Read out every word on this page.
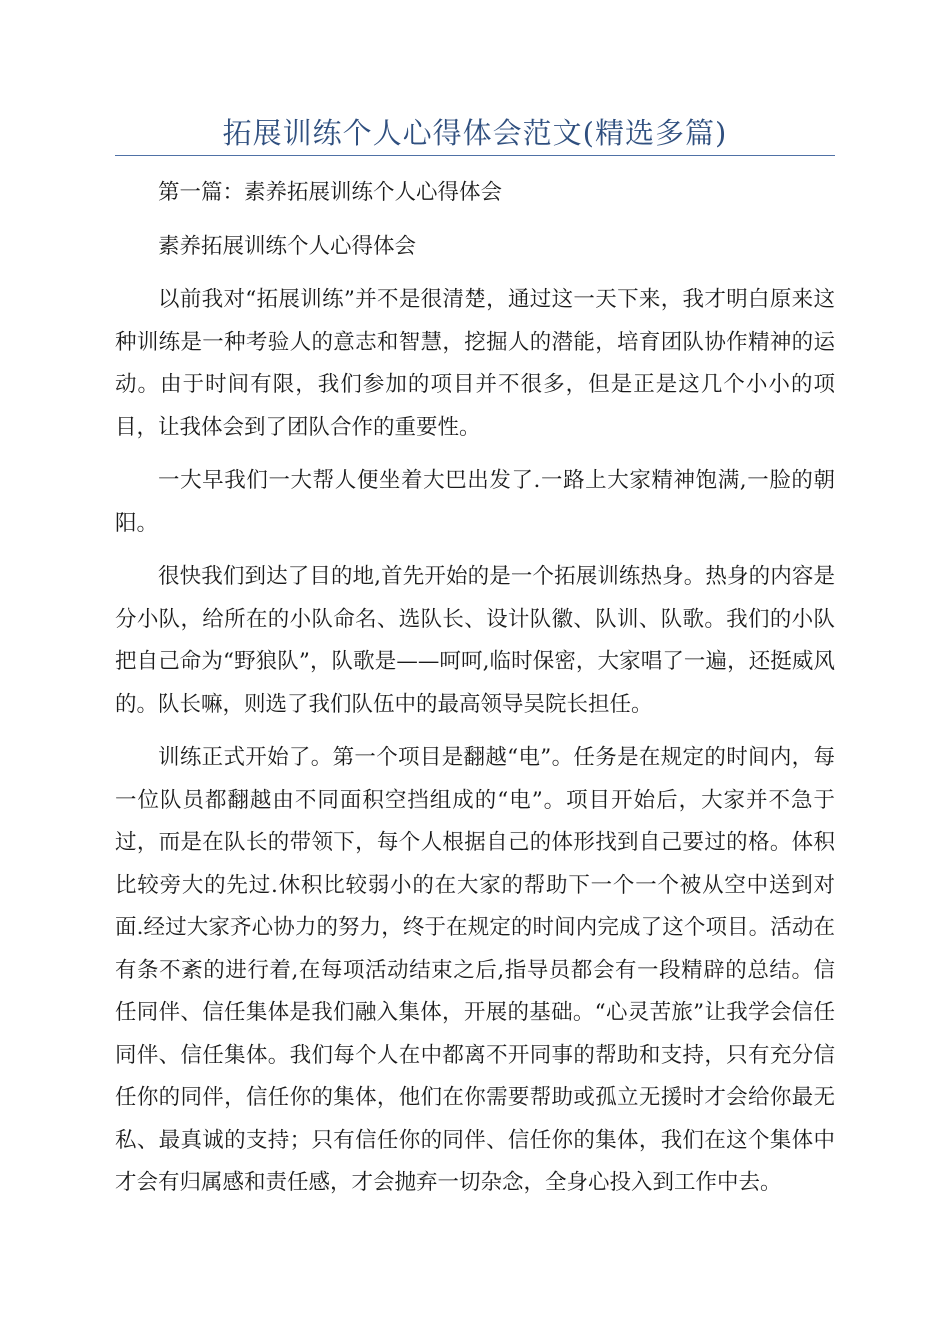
拓展训练个人心得体会范文(精选多篇)

第一篇：素养拓展训练个人心得体会

素养拓展训练个人心得体会

以前我对“拓展训练”并不是很清楚，通过这一天下来，我才明白原来这种训练是一种考验人的意志和智慧，挖掘人的潜能，培育团队协作精神的运动。由于时间有限，我们参加的项目并不很多，但是正是这几个小小的项目，让我体会到了团队合作的重要性。

一大早我们一大帮人便坐着大巴出发了.一路上大家精神饱满,一脸的朝阳。

很快我们到达了目的地,首先开始的是一个拓展训练热身。热身的内容是分小队，给所在的小队命名、选队长、设计队徽、队训、队歌。我们的小队把自己命为“野狼队”，队歌是——呵呵,临时保密，大家唱了一遍，还挺威风的。队长嘛，则选了我们队伍中的最高领导吴院长担任。

训练正式开始了。第一个项目是翻越“电”。任务是在规定的时间内，每一位队员都翻越由不同面积空挡组成的“电”。项目开始后，大家并不急于过，而是在队长的带领下，每个人根据自己的体形找到自己要过的格。体积比较旁大的先过.休积比较弱小的在大家的帮助下一个一个被从空中送到对面.经过大家齐心协力的努力，终于在规定的时间内完成了这个项目。活动在有条不紊的进行着,在每项活动结束之后,指导员都会有一段精辟的总结。信任同伴、信任集体是我们融入集体，开展的基础。“心灵苦旅”让我学会信任同伴、信任集体。我们每个人在中都离不开同事的帮助和支持，只有充分信任你的同伴，信任你的集体，他们在你需要帮助或孤立无援时才会给你最无私、最真诚的支持；只有信任你的同伴、信任你的集体，我们在这个集体中才会有归属感和责任感，才会抛弃一切杂念，全身心投入到工作中去。
